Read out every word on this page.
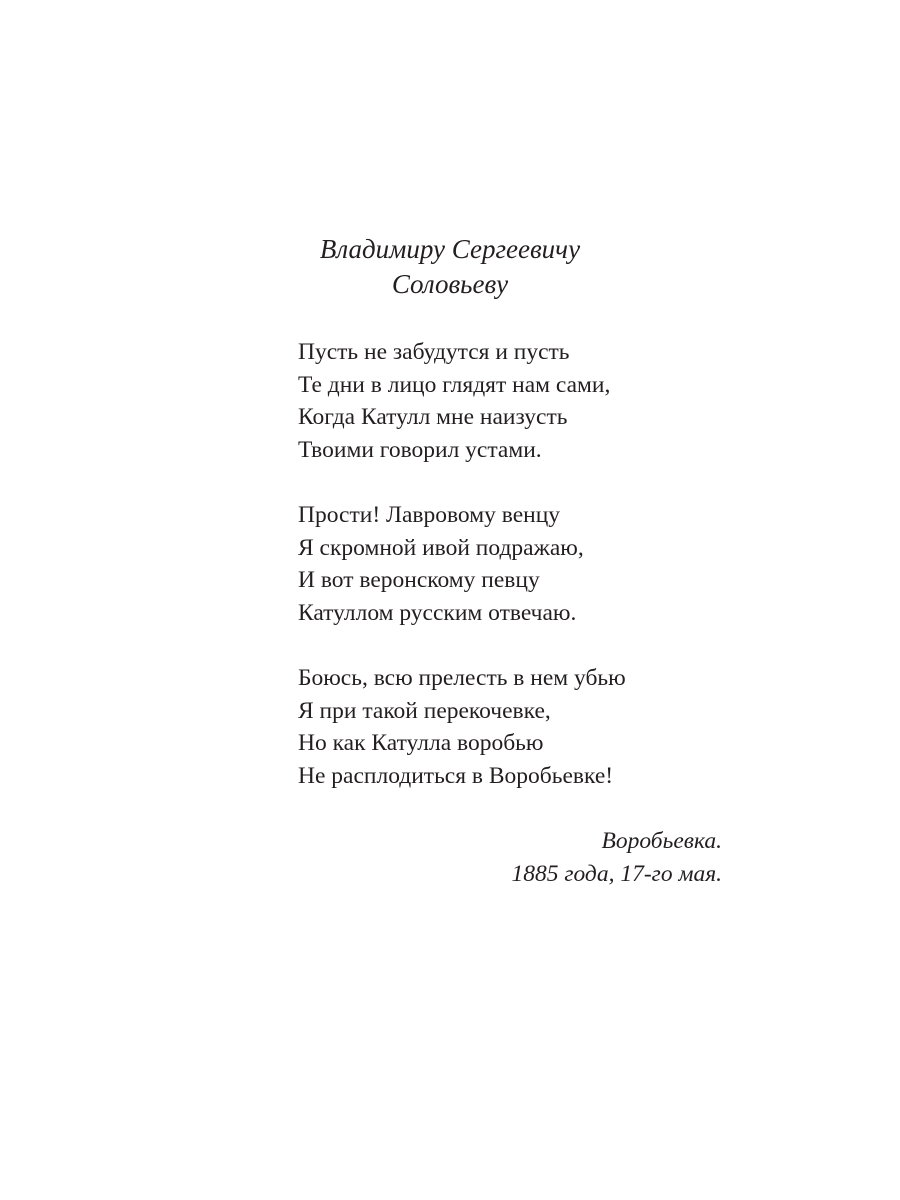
Владимиру Сергеевичу
Соловьеву
Пусть не забудутся и пусть
Те дни в лицо глядят нам сами,
Когда Катулл мне наизусть
Твоими говорил устами.
Прости! Лавровому венцу
Я скромной ивой подражаю,
И вот веронскому певцу
Катуллом русским отвечаю.
Боюсь, всю прелесть в нем убью
Я при такой перекочевке,
Но как Катулла воробью
Не расплодиться в Воробьевке!
Воробьевка.
1885 года, 17-го мая.
